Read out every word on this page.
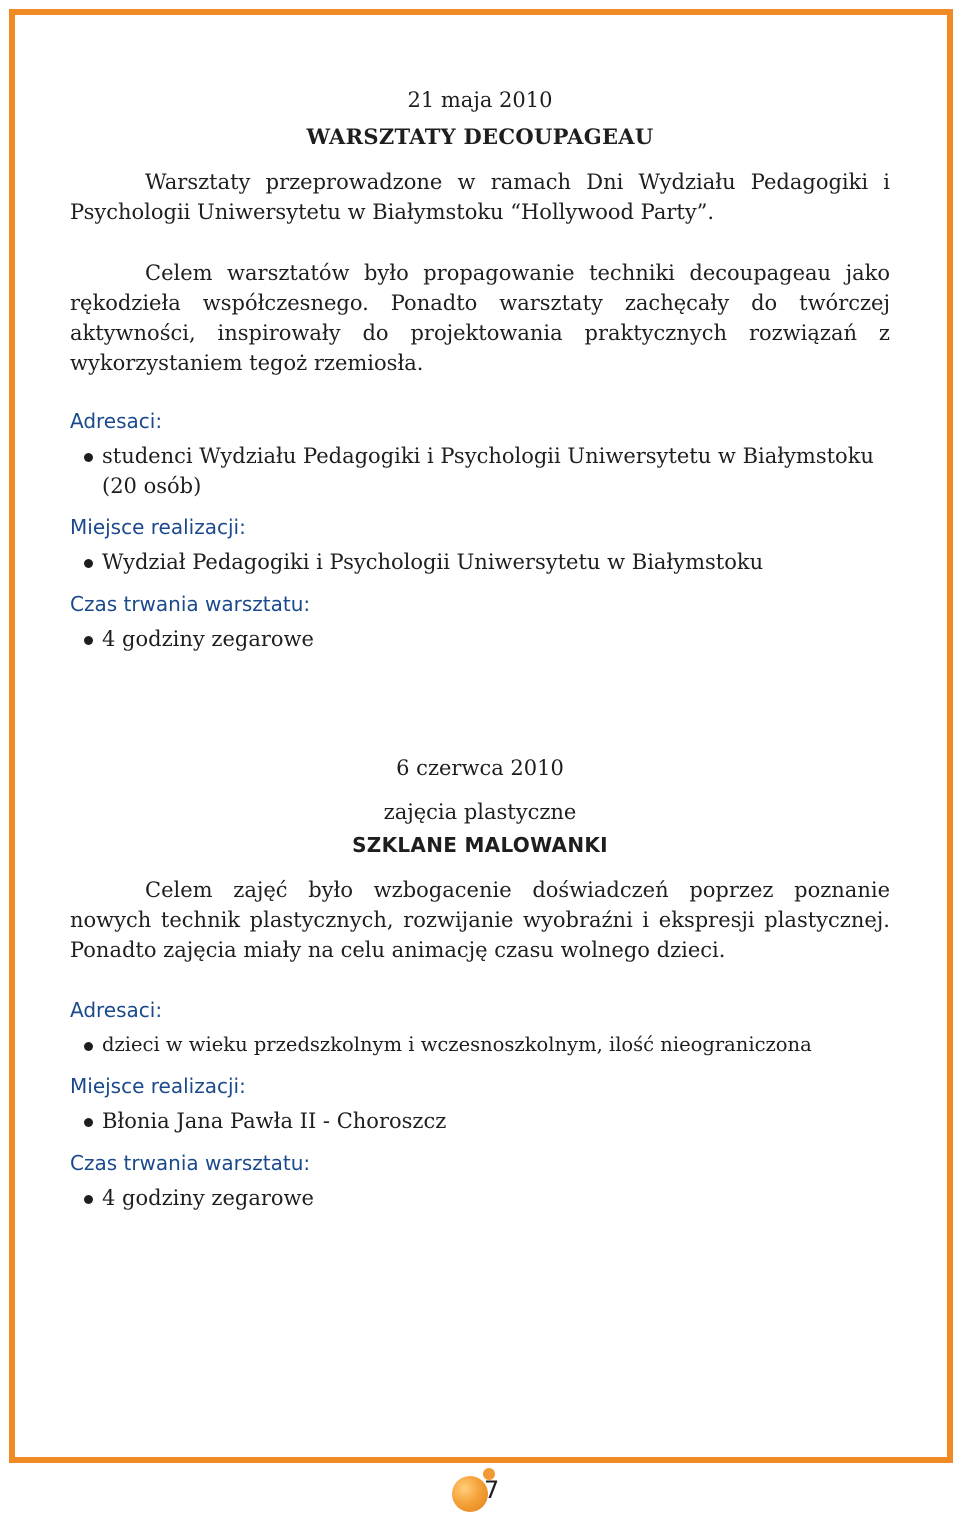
21 maja 2010
WARSZTATY DECOUPAGEAU

Warsztaty przeprowadzone w ramach Dni Wydziału Pedagogiki i Psychologii Uniwersytetu w Białymstoku “Hollywood Party”.

Celem warsztatów było propagowanie techniki decoupageau jako rękodzieła współczesnego. Ponadto warsztaty zachęcały do twórczej aktywności, inspirowały do projektowania praktycznych rozwiązań z wykorzystaniem tegoż rzemiosła.

Adresaci:
studenci Wydziału Pedagogiki i Psychologii Uniwersytetu w Białymstoku (20 osób)
Miejsce realizacji:
Wydział Pedagogiki i Psychologii Uniwersytetu w Białymstoku
Czas trwania warsztatu:
4 godziny zegarowe
6 czerwca 2010
zajęcia plastyczne
SZKLANE MALOWANKI

Celem zajęć było wzbogacenie doświadczeń poprzez poznanie nowych technik plastycznych, rozwijanie wyobraźni i ekspresji plastycznej. Ponadto zajęcia miały na celu animację czasu wolnego dzieci.

Adresaci:
dzieci w wieku przedszkolnym i wczesnoszkolnym, ilość nieograniczona
Miejsce realizacji:
Błonia Jana Pawła II - Choroszcz
Czas trwania warsztatu:
4 godziny zegarowe
7
